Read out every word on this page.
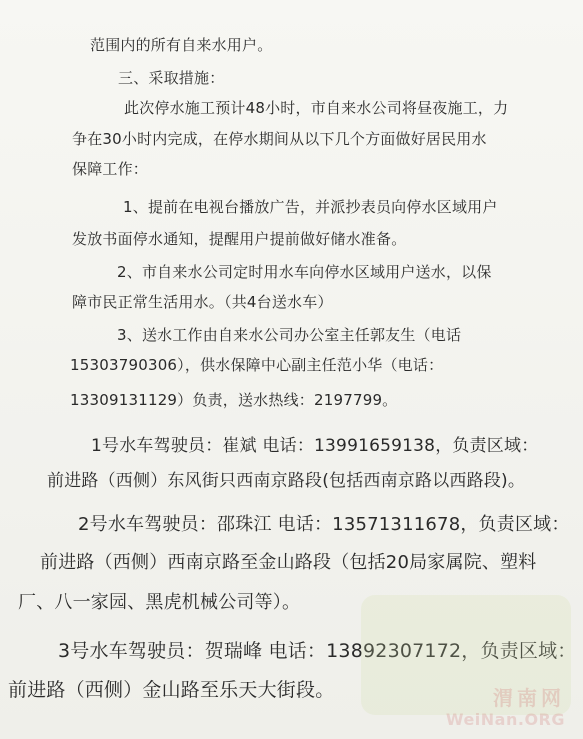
范围内的所有自来水用户。
三、采取措施：
此次停水施工预计48小时，市自来水公司将昼夜施工，力
争在30小时内完成，在停水期间从以下几个方面做好居民用水
保障工作：
1、提前在电视台播放广告，并派抄表员向停水区域用户
发放书面停水通知，提醒用户提前做好储水准备。
2、市自来水公司定时用水车向停水区域用户送水，以保
障市民正常生活用水。（共4台送水车）
3、送水工作由自来水公司办公室主任郭友生（电话
15303790306），供水保障中心副主任范小华（电话：
13309131129）负责，送水热线：2197799。
1号水车驾驶员：崔斌 电话：13991659138，负责区域：
前进路（西侧）东风街只西南京路段(包括西南京路以西路段)。
2号水车驾驶员：邵珠江 电话：13571311678，负责区域：
前进路（西侧）西南京路至金山路段（包括20局家属院、塑料
厂、八一家园、黑虎机械公司等）。
3号水车驾驶员：贺瑞峰 电话：13892307172，负责区域：
前进路（西侧）金山路至乐天大街段。	渭南网
WeiNan.ORG
